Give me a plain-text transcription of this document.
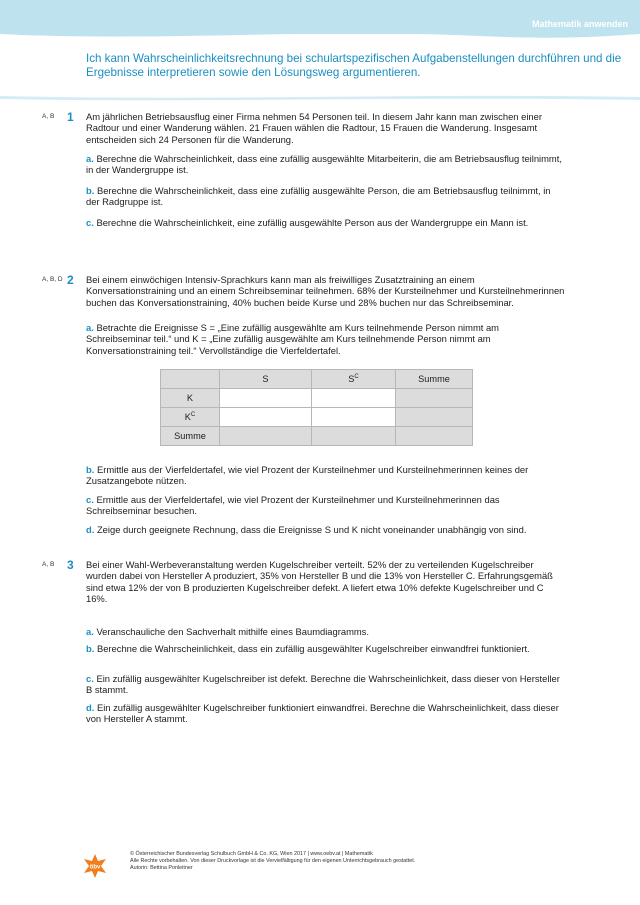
Mathematik anwenden
Ich kann Wahrscheinlichkeitsrechnung bei schulartspezifischen Aufgabenstellungen durchführen und die Ergebnisse interpretieren sowie den Lösungsweg argumentieren.
A, B 1 Am jährlichen Betriebsausflug einer Firma nehmen 54 Personen teil. In diesem Jahr kann man zwischen einer Radtour und einer Wanderung wählen. 21 Frauen wählen die Radtour, 15 Frauen die Wanderung. Insgesamt entscheiden sich 24 Personen für die Wanderung.
a. Berechne die Wahrscheinlichkeit, dass eine zufällig ausgewählte Mitarbeiterin, die am Betriebsausflug teilnimmt, in der Wandergruppe ist.
b. Berechne die Wahrscheinlichkeit, dass eine zufällig ausgewählte Person, die am Betriebsausflug teilnimmt, in der Radgruppe ist.
c. Berechne die Wahrscheinlichkeit, eine zufällig ausgewählte Person aus der Wandergruppe ein Mann ist.
A, B, D 2 Bei einem einwöchigen Intensiv-Sprachkurs kann man als freiwilliges Zusatztraining an einem Konversationstraining und an einem Schreibseminar teilnehmen. 68% der Kursteilnehmer und Kursteilnehmerinnen buchen das Konversationstraining, 40% buchen beide Kurse und 28% buchen nur das Schreibseminar.
a. Betrachte die Ereignisse S = „Eine zufällig ausgewählte am Kurs teilnehmende Person nimmt am Schreibseminar teil.“ und K = „Eine zufällig ausgewählte am Kurs teilnehmende Person nimmt am Konversationstraining teil.“ Vervollständige die Vierfeldertafel.
b. Ermittle aus der Vierfeldertafel, wie viel Prozent der Kursteilnehmer und Kursteilnehmerinnen keines der Zusatzangebote nützen.
c. Ermittle aus der Vierfeldertafel, wie viel Prozent der Kursteilnehmer und Kursteilnehmerinnen das Schreibseminar besuchen.
d. Zeige durch geeignete Rechnung, dass die Ereignisse S und K nicht voneinander unabhängig von sind.
	S	$S^C$	Summe
K			
$K^C$			
Summe			
A, B 3 Bei einer Wahl-Werbeveranstaltung werden Kugelschreiber verteilt. 52% der zu verteilenden Kugelschreiber wurden dabei von Hersteller A produziert, 35% von Hersteller B und die 13% von Hersteller C. Erfahrungsgemäß sind etwa 12% der von B produzierten Kugelschreiber defekt. A liefert etwa 10% defekte Kugelschreiber und C 16%.
a. Veranschauliche den Sachverhalt mithilfe eines Baumdiagramms.
b. Berechne die Wahrscheinlichkeit, dass ein zufällig ausgewählter Kugelschreiber einwandfrei funktioniert.
c. Ein zufällig ausgewählter Kugelschreiber ist defekt. Berechne die Wahrscheinlichkeit, dass dieser von Hersteller B stammt.
d. Ein zufällig ausgewählter Kugelschreiber funktioniert einwandfrei. Berechne die Wahrscheinlichkeit, dass dieser von Hersteller A stammt.
öbv
© Österreichischer Bundesverlag Schulbuch GmbH & Co. KG, Wien 2017 | www.oebv.at | Mathematik
Alle Rechte vorbehalten. Von dieser Druckvorlage ist die Vervielfältigung für den eigenen Unterrichtsgebrauch gestattet.
Autorin: Bettina Ponleitner
